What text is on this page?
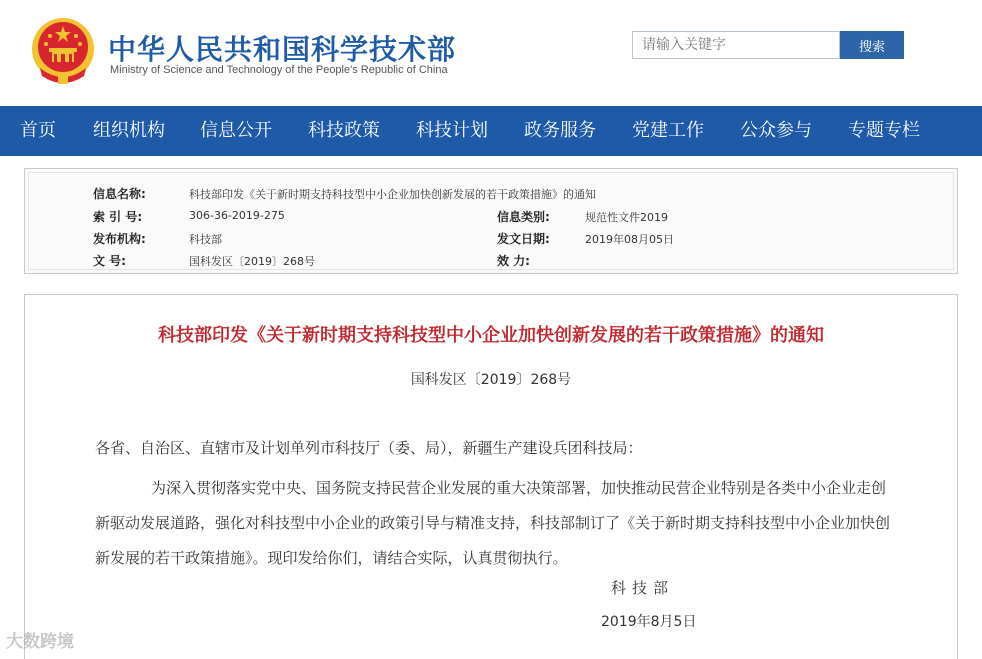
中华人民共和国科学技术部
Ministry of Science and Technology of the People's Republic of China
请输入关键字
搜索
首页 组织机构 信息公开 科技政策 科技计划 政务服务 党建工作 公众参与 专题专栏
信息名称:	科技部印发《关于新时期支持科技型中小企业加快创新发展的若干政策措施》的通知
索 引 号:	306-36-2019-275	信息类别:	规范性文件2019
发布机构:	科技部	发文日期:	2019年08月05日
文 号:	国科发区〔2019〕268号	效 力:
科技部印发《关于新时期支持科技型中小企业加快创新发展的若干政策措施》的通知
国科发区〔2019〕268号
各省、自治区、直辖市及计划单列市科技厅（委、局），新疆生产建设兵团科技局：
为深入贯彻落实党中央、国务院支持民营企业发展的重大决策部署，加快推动民营企业特别是各类中小企业走创新驱动发展道路，强化对科技型中小企业的政策引导与精准支持，科技部制订了《关于新时期支持科技型中小企业加快创新发展的若干政策措施》。现印发给你们，请结合实际，认真贯彻执行。
科技部
2019年8月5日
大数跨境
